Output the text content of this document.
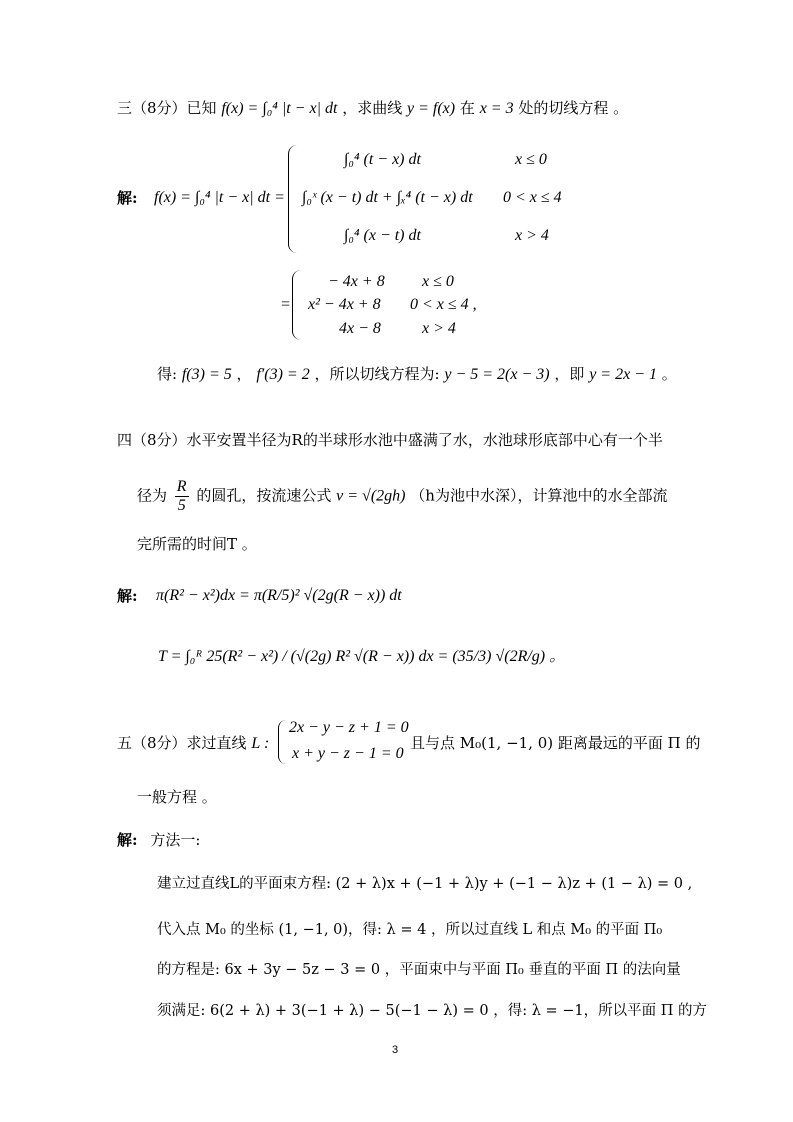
三（8分）已知 f(x) = ∫₀⁴ |t − x| dt ，求曲线 y = f(x) 在 x = 3 处的切线方程 。
解: f(x) = ∫₀⁴ |t − x| dt =
∫₀⁴ (t − x) dt	x ≤ 0
∫₀ˣ (x − t) dt + ∫ₓ⁴ (t − x) dt 0 < x ≤ 4
∫₀⁴ (x − t) dt	x > 4
=
− 4x + 8 x ≤ 0
x² − 4x + 8 0 < x ≤ 4 ,
4x − 8	x > 4
得: f(3) = 5 ， f′(3) = 2 ，所以切线方程为: y − 5 = 2(x − 3) ，即 y = 2x − 1 。
四（8分）水平安置半径为R的半球形水池中盛满了水，水池球形底部中心有一个半
径为 $\frac{R}{5}$ 的圆孔，按流速公式 v = √(2gh) （h为池中水深），计算池中的水全部流
完所需的时间T 。
解: π(R² − x²)dx = π(R/5)² √(2g(R − x)) dt
T = ∫₀ᴿ 25(R² − x²) / (√(2g) R² √(R − x)) dx = (35/3) √(2R/g) 。
五（8分）求过直线 L :
2x − y − z + 1 = 0
x + y − z − 1 = 0
且与点 M₀(1, −1, 0) 距离最远的平面 Π 的
一般方程 。
解: 方法一:
建立过直线L的平面束方程: (2 + λ)x + (−1 + λ)y + (−1 − λ)z + (1 − λ) = 0 ,
代入点 M₀ 的坐标 (1, −1, 0)，得: λ = 4 ，所以过直线 L 和点 M₀ 的平面 Π₀
的方程是: 6x + 3y − 5z − 3 = 0 ，平面束中与平面 Π₀ 垂直的平面 Π 的法向量
须满足: 6(2 + λ) + 3(−1 + λ) − 5(−1 − λ) = 0 ，得: λ = −1，所以平面 Π 的方
3
